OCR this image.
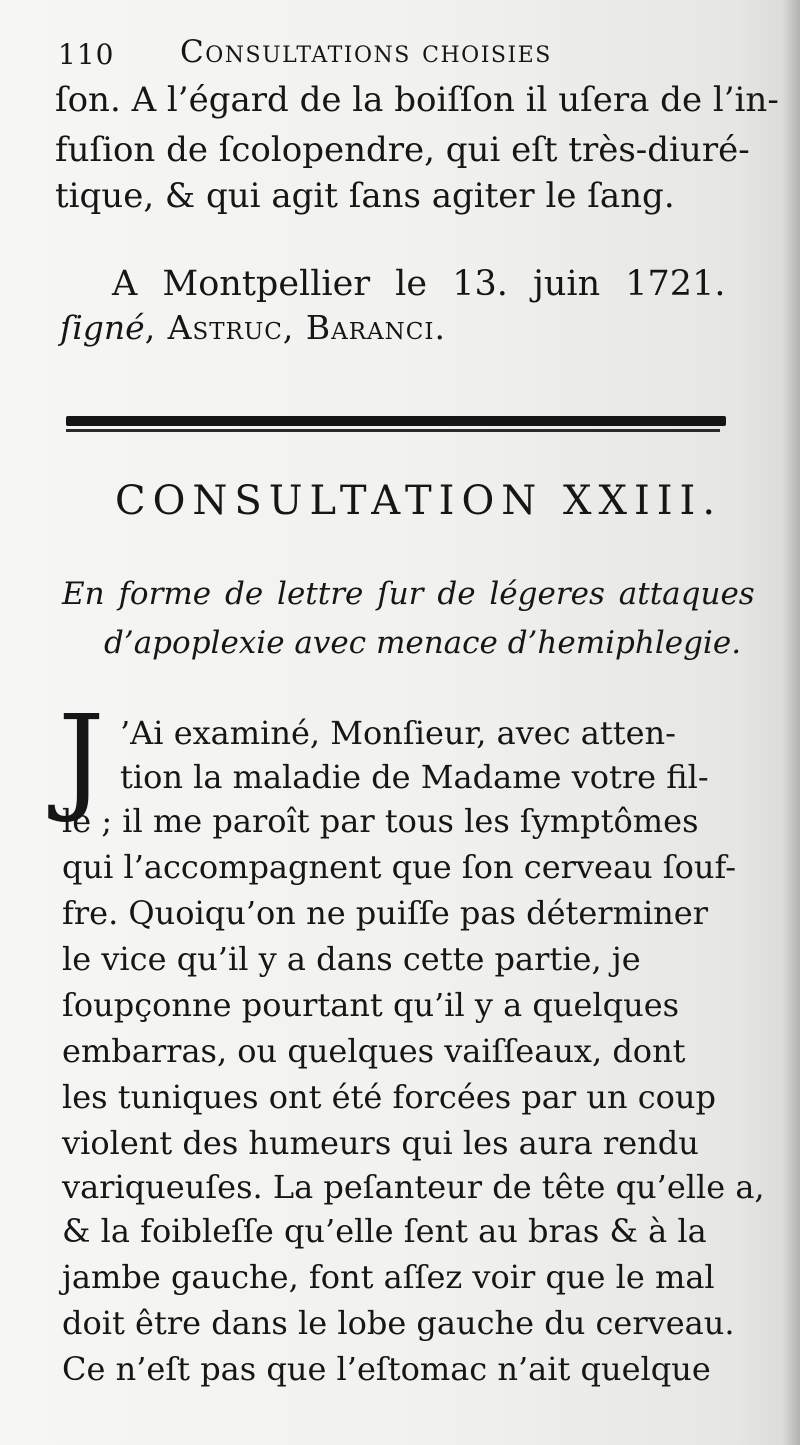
110 Consultations choisies
ſon. A l’égard de la boiſſon il uſera de l’in-
fuſion de ſcolopendre, qui eſt très-diuré-
tique, & qui agit ſans agiter le ſang.
A Montpellier le 13. juin 1721.
ſigné, Astruc, Baranci.
CONSULTATION XXIII.
En forme de lettre ſur de légeres attaques
d’apoplexie avec menace d’hemiphlegie.
J ’Ai examiné, Monſieur, avec atten-
tion la maladie de Madame votre fil-
le ; il me paroît par tous les ſymptômes
qui l’accompagnent que ſon cerveau ſouf-
fre. Quoiqu’on ne puiſſe pas déterminer
le vice qu’il y a dans cette partie, je
ſoupçonne pourtant qu’il y a quelques
embarras, ou quelques vaiſſeaux, dont
les tuniques ont été forcées par un coup
violent des humeurs qui les aura rendu
variqueuſes. La peſanteur de tête qu’elle a,
& la foibleſſe qu’elle ſent au bras & à la
jambe gauche, font aſſez voir que le mal
doit être dans le lobe gauche du cerveau.
Ce n’eſt pas que l’eſtomac n’ait quelque
